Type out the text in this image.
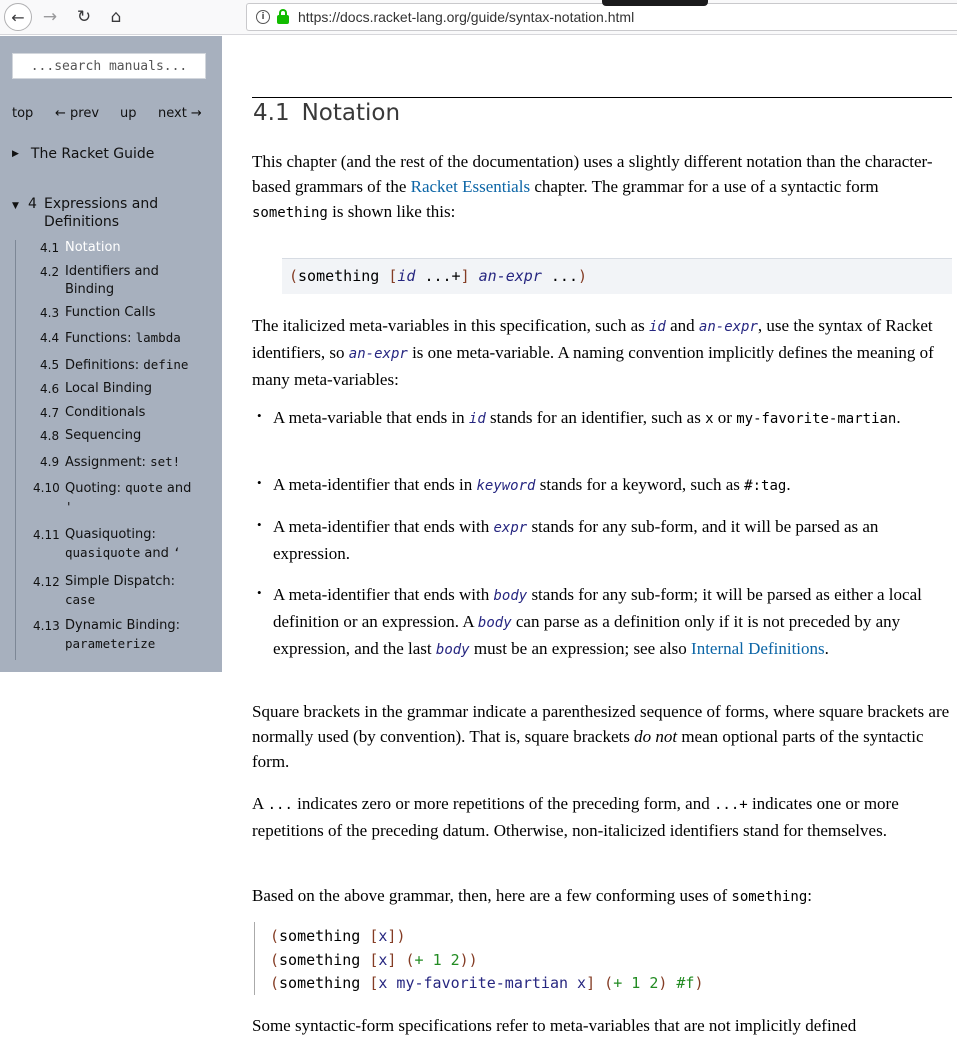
← → ↻ ⌂	i	https://docs.racket-lang.org/guide/syntax-notation.html
...search manuals...
top ← prev up next →
▶ The Racket Guide
▼ 4 Expressions and Definitions
4.1 Notation
4.2 Identifiers and Binding
4.3 Function Calls
4.4 Functions: lambda
4.5 Definitions: define
4.6 Local Binding
4.7 Conditionals
4.8 Sequencing
4.9 Assignment: set!
4.10 Quoting: quote and
'
4.11 Quasiquoting:
quasiquote and ‘
4.12 Simple Dispatch:
case
4.13 Dynamic Binding:
parameterize
4.1 Notation
This chapter (and the rest of the documentation) uses a slightly different notation than the character-based grammars of the Racket Essentials chapter. The grammar for a use of a syntactic form something is shown like this:
(something [id ...+] an-expr ...)
The italicized meta-variables in this specification, such as id and an-expr, use the syntax of Racket identifiers, so an-expr is one meta-variable. A naming convention implicitly defines the meaning of many meta-variables:
• A meta-variable that ends in id stands for an identifier, such as x or my-favorite-martian.
• A meta-identifier that ends in keyword stands for a keyword, such as #:tag.
• A meta-identifier that ends with expr stands for any sub-form, and it will be parsed as an expression.
• A meta-identifier that ends with body stands for any sub-form; it will be parsed as either a local definition or an expression. A body can parse as a definition only if it is not preceded by any expression, and the last body must be an expression; see also Internal Definitions.
Square brackets in the grammar indicate a parenthesized sequence of forms, where square brackets are normally used (by convention). That is, square brackets do not mean optional parts of the syntactic form.
A ... indicates zero or more repetitions of the preceding form, and ...+ indicates one or more repetitions of the preceding datum. Otherwise, non-italicized identifiers stand for themselves.
Based on the above grammar, then, here are a few conforming uses of something:
(something [x])
(something [x] (+ 1 2))
(something [x my-favorite-martian x] (+ 1 2) #f)
Some syntactic-form specifications refer to meta-variables that are not implicitly defined
